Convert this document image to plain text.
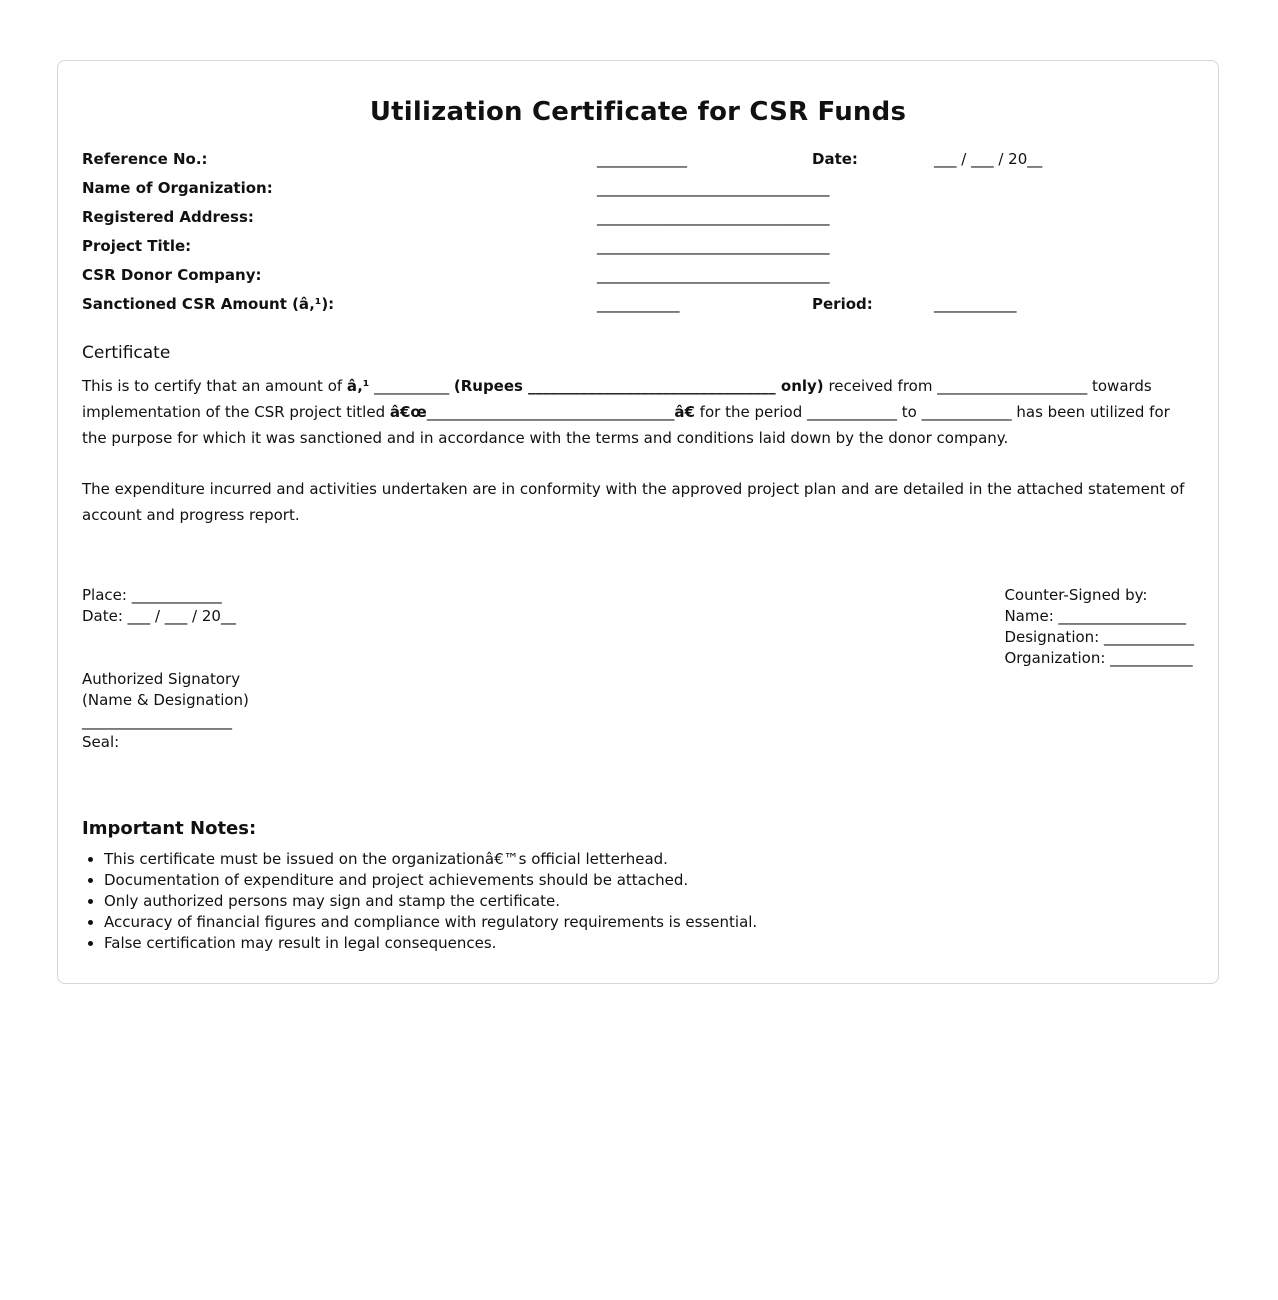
Utilization Certificate for CSR Funds
Reference No.:	____________	Date:	___ / ___ / 20__
Name of Organization:	_______________________________
Registered Address:	_______________________________
Project Title:	_______________________________
CSR Donor Company:	_______________________________
Sanctioned CSR Amount (â‚¹):	___________	Period:	___________
Certificate
This is to certify that an amount of â‚¹ __________ (Rupees _________________________________ only) received from ____________________ towards implementation of the CSR project titled â€œ_________________________________â€ for the period ____________ to ____________ has been utilized for the purpose for which it was sanctioned and in accordance with the terms and conditions laid down by the donor company.
The expenditure incurred and activities undertaken are in conformity with the approved project plan and are detailed in the attached statement of account and progress report.
Place: ____________
Date: ___ / ___ / 20__
Counter-Signed by:
Name: _________________
Designation: ____________
Organization: ___________
Authorized Signatory
(Name & Designation)
____________________
Seal:
Important Notes:
• This certificate must be issued on the organizationâ€™s official letterhead.
• Documentation of expenditure and project achievements should be attached.
• Only authorized persons may sign and stamp the certificate.
• Accuracy of financial figures and compliance with regulatory requirements is essential.
• False certification may result in legal consequences.
